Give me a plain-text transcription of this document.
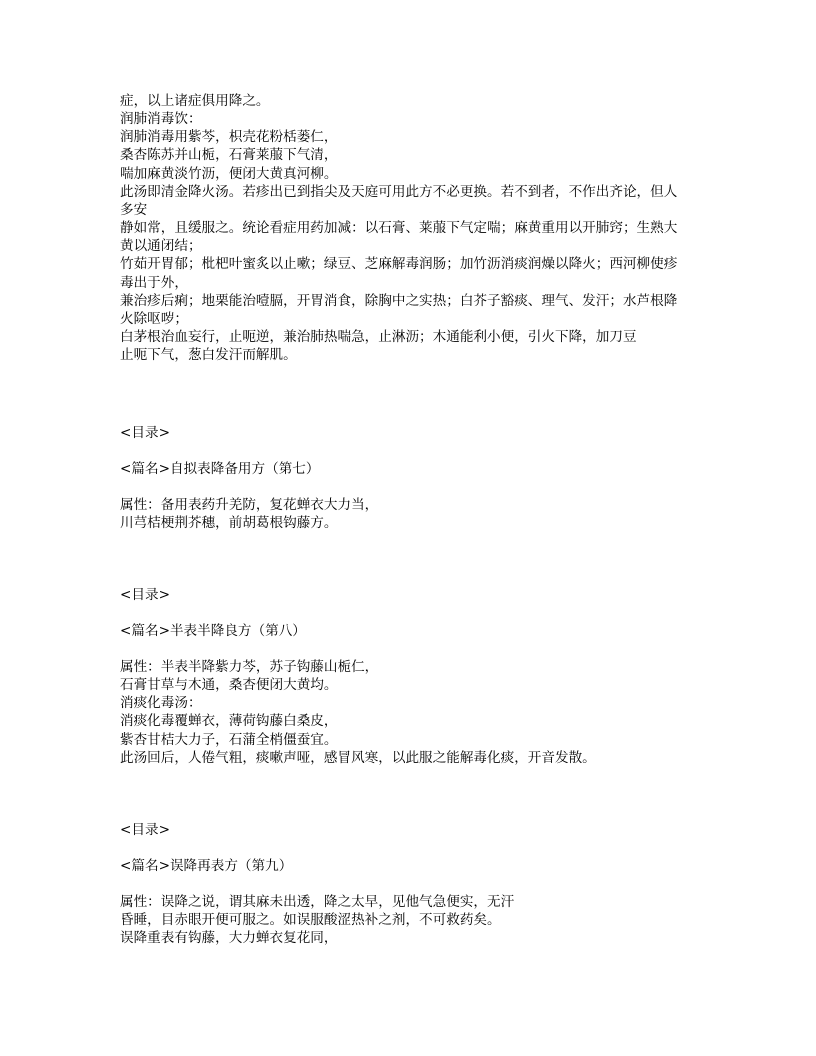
症，以上诸症俱用降之。
润肺消毒饮：
润肺消毒用紫芩，枳壳花粉栝蒌仁，
桑杏陈苏并山栀，石膏莱菔下气清，
喘加麻黄淡竹沥，便闭大黄真河柳。
此汤即清金降火汤。若疹出已到指尖及天庭可用此方不必更换。若不到者，不作出齐论，但人
多安
静如常，且缓服之。统论看症用药加减：以石膏、莱菔下气定喘；麻黄重用以开肺窍；生熟大
黄以通闭结；
竹茹开胃郁；枇杷叶蜜炙以止嗽；绿豆、芝麻解毒润肠；加竹沥消痰润燥以降火；西河柳使疹
毒出于外，
兼治疹后痢；地栗能治噎膈，开胃消食，除胸中之实热；白芥子豁痰、理气、发汗；水芦根降
火除呕哕；
白茅根治血妄行，止呃逆，兼治肺热喘急，止淋沥；木通能利小便，引火下降，加刀豆
止呃下气，葱白发汗而解肌。
<目录>
<篇名>自拟表降备用方（第七）
属性：备用表药升羌防，复花蝉衣大力当，
川芎桔梗荆芥穗，前胡葛根钩藤方。
<目录>
<篇名>半表半降良方（第八）
属性：半表半降紫力芩，苏子钩藤山栀仁，
石膏甘草与木通，桑杏便闭大黄均。
消痰化毒汤：
消痰化毒覆蝉衣，薄荷钩藤白桑皮，
紫杏甘桔大力子，石蒲全梢僵蚕宜。
此汤回后，人倦气粗，痰嗽声哑，感冒风寒，以此服之能解毒化痰，开音发散。
<目录>
<篇名>误降再表方（第九）
属性：误降之说，谓其麻未出透，降之太早，见他气急便实，无汗
昏睡，目赤眼开便可服之。如误服酸涩热补之剂，不可救药矣。
误降重表有钩藤，大力蝉衣复花同，
